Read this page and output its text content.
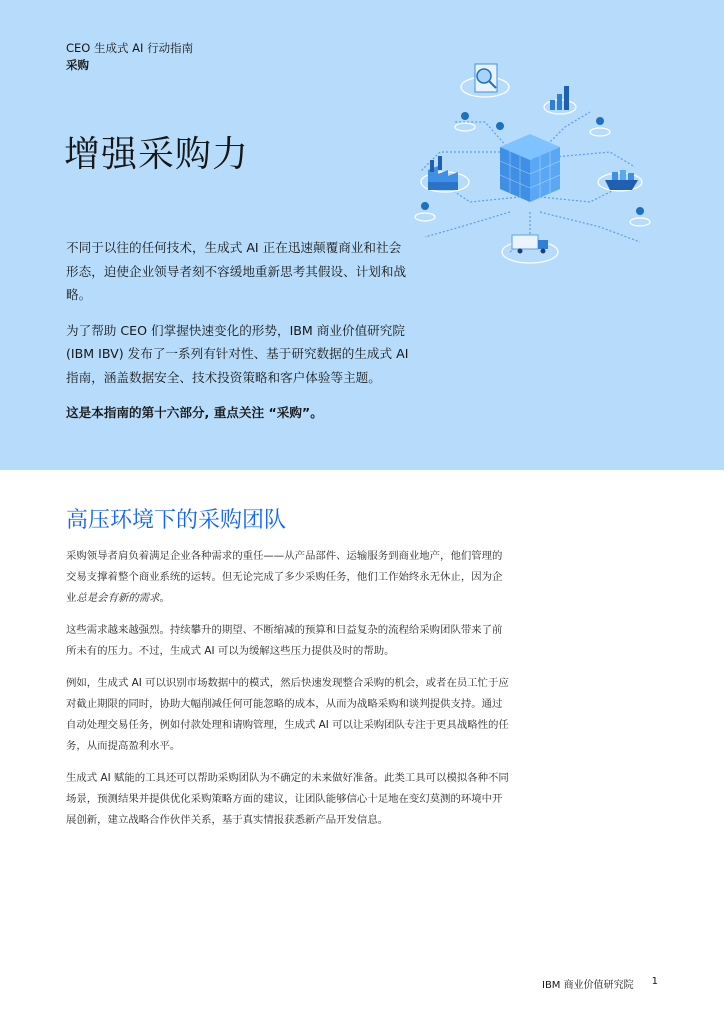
CEO 生成式 AI 行动指南
采购
增强采购力

不同于以往的任何技术，生成式 AI 正在迅速颠覆商业和社会形态，迫使企业领导者刻不容缓地重新思考其假设、计划和战略。

为了帮助 CEO 们掌握快速变化的形势，IBM 商业价值研究院 (IBM IBV) 发布了一系列有针对性、基于研究数据的生成式 AI 指南，涵盖数据安全、技术投资策略和客户体验等主题。

这是本指南的第十六部分, 重点关注 “采购”。

高压环境下的采购团队

采购领导者肩负着满足企业各种需求的重任——从产品部件、运输服务到商业地产，他们管理的交易支撑着整个商业系统的运转。但无论完成了多少采购任务，他们工作始终永无休止，因为企业总是会有新的需求。

这些需求越来越强烈。持续攀升的期望、不断缩减的预算和日益复杂的流程给采购团队带来了前所未有的压力。不过，生成式 AI 可以为缓解这些压力提供及时的帮助。

例如，生成式 AI 可以识别市场数据中的模式，然后快速发现整合采购的机会，或者在员工忙于应对截止期限的同时，协助大幅削减任何可能忽略的成本，从而为战略采购和谈判提供支持。通过自动处理交易任务，例如付款处理和请购管理，生成式 AI 可以让采购团队专注于更具战略性的任务，从而提高盈利水平。

生成式 AI 赋能的工具还可以帮助采购团队为不确定的未来做好准备。此类工具可以模拟各种不同场景，预测结果并提供优化采购策略方面的建议，让团队能够信心十足地在变幻莫测的环境中开展创新，建立战略合作伙伴关系，基于真实情报获悉新产品开发信息。

IBM 商业价值研究院 1
